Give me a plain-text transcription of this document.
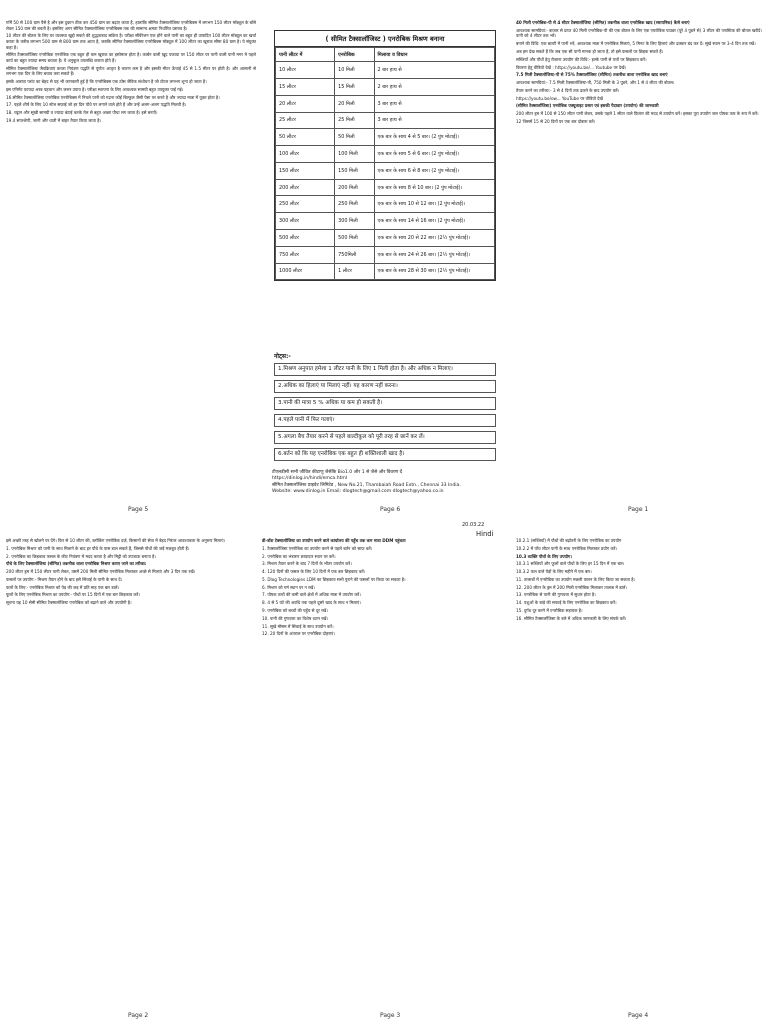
गर्मि 50 से 100 ग्राम पैसे है और इस दुकान ठीक कर 450 ग्राम का बढ़ाए जाता है, हालांकि सीमित टैक्सालॉजिस्ट एनरोबिक्स में लगभग 150 लीटर मॉड्यूल के बाँसे लेकर 150 ग्राम की बचती है। इसलिए अगर सीमित टैक्सालॉजिस्ट एनरोबिक्स तक की सामान्य क्षमता निर्धारित प्रस्ताव है।

10 लीटर की बोतल के लिए घर व्यवस्था खुद्दो सकते की शुद्धताबाद सक्रिय है। परीक्षा सीवेरेजन एक होने वाले पानी का बहुत ही उत्पादित 100 लीटर मॉड्यूल का खर्चा करता के करीब लगभग 500 ग्राम से 800 ग्राम तक आता है, जबकि सीमित टैक्सालॉजिस्ट एनरोबिक्स मॉड्यूल में 100 लीटर का खुराक सीमा 80 ग्राम है। ये संयुक्त कहा है।

सीमित टैक्सालॉजिस्ट एनरोबिक एनरोबिक एक बहुत ही कम खुराक का इस्तेमाल होता है। कार्बन वाली ख़ूद पकाया पर 150 लीटर पर पानी वाली पानी मगर मे पहले कार्य का बहुत ज्यादा समय बचाता है। ये अनुकूल उपलब्धि कराता होते हैं।

सीमित टैक्सालॉजिस्ट जैवक्रियाएं कचरा नियंत्रण पद्धति से पूर्णतः आवृत्त है कारण कम है और इसकी मीटर ऊँचाई 45 से 1.5 मीटर पर होती है। और आसानी से लगभग एक दिन के लिए बचाव करा सकते हैं।

इसके अलावा प्लांट का बेहद से यह भी जानकारी हुई है कि एनरोबिक्स एक ठोस जैविक संशोधन है जो टोटल लगभग शून्य हो जाता है।

इस एनिमेंट फ़ायदा अरब पहचान और जरूर उपाय है। परीक्षा स्थापना के लिए आवश्यक सामग्री बहुत उपयुक्त पाई गई।

16.सीमित टैक्सालॉजिस्ट एनरोबिक एनरोबिक्स में निचले पानी को गढ़ना कोई बिल्कुल जैसी पेस्ट पर करते है और ज्यादा मात्रा में यूक्त होता है।

17. पहले शीर्ष के लिए 10 स्टेज सफ़ाई जो हर दिन पौधे पर लगाने वाले होते है और उन्हें अलग-अलग पद्धति मिलती है।

18. चट्टान और सूखी सामग्री व ज्यादा बंटाई करके तेल से बहुत अच्छा पौधा लग जाता है। इसे बनाएँ।

19.4 सप्तश्रेणी, जानी और धाती में बाहर तैयार किया जाता है।

Page 5
( सीमित टैक्सालॉजिस्ट ) एनरोबिक मिश्रण बनाना
पानी लीटर में	एनरोबिक	मिलाया व विधान
10 लीटर	10 मिली	2 बार हाथ से
15 लीटर	15 मिली	2 बार हाथ से
20 लीटर	20 मिली	3 बार हाथ से
25 लीटर	25 मिली	3 बार हाथ से
50 लीटर	50 मिली	एक बार के साथ 4 से 5 बार। (2 पुंप मोटाई)।
100 लीटर	100 मिली	एक बार के साथ 5 से 6 बार। (2 पुंप मोटाई)।
150 लीटर	150 मिली	एक बार के साथ 6 से 8 बार। (2 पुंप मोटाई)।
200 लीटर	200 मिली	एक बार के साथ 8 से 10 बार। (2 पुंप मोटाई)।
250 लीटर	250 मिली	एक बार के साथ 10 से 12 बार। (2 पुंप मोटाई)।
300 लीटर	300 मिली	एक बार के साथ 14 से 16 बार। (2 पुंप मोटाई)।
500 लीटर	500 मिली	एक बार के साथ 20 से 22 बार। (2½ पुंप मोटाई)।
750 लीटर	750मिली	एक बार के साथ 24 से 26 बार। (2½ पुंप मोटाई)।
1000 लीटर	1 लीटर	एक बार के साथ 28 से 30 बार। (2½ पुंप मोटाई)।
नोट्स:-
1.मिश्रण अनुपात हमेशा 1 लीटर पानी के लिए 1 मिली होता है। और अधिक न मिलाए।
2.अधिक का हिलाएं या मिलाएं नहीं। यह कारण नहीं करना।
3.पानी की मात्रा 5 % अधिक या कम हो सकती है।
4.पहले पानी में फिर गलाएं।
5.अगला बैच तैयार करने से पहले बाल्टीकुल को पूरी तरह से छानें कर लें।
6.बर्तन को कि यह एनरोबिक एक बहुत ही शक्तिशाली खाद है।
टीएलडीसी सभी जीवित कीटाणु जैसेकि Bio1.0 और 1 से जैसे और विवरण दें
https://dinlog.in/hindi/emca.html
सीमित टैक्सालॉजिस्ट प्राइवेट लिमिटेड , New No.21, Thambaiah Road Extn., Chennai 33 India.
Website: www.dinlog.in Email: dlogtech@gmail.com dlogtech@yahoo.co.in
20.03.22
Hindi
Page 6

40 मिली एनरोबिक-पी से 4 सीटर टैक्सालॉजिस्ट (सीमित) तकनीक वाला एनरोबिक खाद (रसायनिक) कैसे बनाएं

आवश्यक सामग्रियां:- बाजार से प्राप्त 40 मिली एनरोबिक-पी की एक बोतल के लिए एक एयरोबिक पाउडर (पूरे 4 पुडने से) 3 लीटर की प्लास्टिक की बोतल खरीदें। पानी को 4 लीटर तक भरें।

बनाने की विधि: एक बाल्टी में पानी भरें, आवश्यक मात्रा में एनरोबिक मिलाएं, 5 मिनट के लिए हिलाएं और ढक्कन बंद कर दें। सूखे स्थान पर 3-4 दिन तक रखें।

अब हम देख सकते हैं कि जब एक सी पानी मानक हो जाता है, तो इसे फसलों पर छिड़क सकते हैं।

सब्जियाँ और पौधों हेतु रोज़ाना उपयोग की विधि:- हल्के पानी से पत्तों पर छिड़काव करें।

विवरण हेतु वीडियो देखें : https://youtu.be/... Youtube पर देखें।

7.5 मिली टैक्सालॉजिस्ट-पी से 75% टैक्सालॉजिस्ट (सीमित) तकनीक वाला एनरोबिक खाद बनाएं

आवश्यक सामग्रियां:- 7.5 मिली टैक्सालॉजिस्ट-पी, 750 मिली के 3 पुडने, और 1 से 4 लीटर की बोतल।

तैयार करने का तरीका:- 3 से 4 दिनों तक ढकने के बाद उपयोग करें।

https://youtu.be/ow... YouTube पर वीडियो देखें

(सीमित टैक्सालॉजिस्ट) एनरोबिक एक्यूलाइट प्रसार एवं इसकी पैदावार (उपयोग) की जानकारी

200 लीटर ड्रम में 100 से 150 लीटर पानी लेकर, उसके पहले 1 सीटर वाले फ़िल्टर की मदद से उपयोग करें। इसका पूरा उपयोग जल पोषक तत्व के रूप में करें।

12 जिसमें 15 से 20 दिनों पर एक बार दोबारा करें।

Page 1

इसे अच्छी तरह से खोलने पर देंगे। फिर से 10 लीटर की, ब्लॉकिंग एनरोबिक दर्ज़, किसानों की सेवा में बेहद निरंतर आवश्यकता के अनुरूप मिलाएं।

1. एनरोबिक मिश्रण को पानी के साथ मिलाने के बाद हर पौधे के पास डाल सकते हैं, जिससे पौधों की जड़ें मज़बूत होती हैं।

2. एनरोबिक का छिड़काव फसल के कीट नियंत्रण में मदद करता है और मिट्टी को उपजाऊ बनाता है।

पौधे के लिए टैक्सालॉजिस्ट (सीमित) तकनीक वाला एनरोबिक मिश्रण कराए जाने का तरीका:

200 लीटर ड्रम में 150 लीटर पानी लेकर, उसमें 200 मिली सीमित एनरोबिक मिलाकर अच्छे से मिलाएं और 3 दिन तक रखें।

फसलों पर उपयोग:- मिश्रण तैयार होने के बाद इसे सिंचाई के पानी के साथ दें।

फलों के लिए:- एनरोबिक मिश्रण को पेड़ की जड़ में प्रति माह एक बार डालें।

फूलों के लिए एनरोबिक मिश्रण का उपयोग:- पौधों पर 15 दिनों में एक बार छिड़काव करें।

सूचना यह 10 सेमी सीमित टैक्सालॉजिस्ट एनरोबिक को बढ़ाने वाले और उपयोगी है।

Page 2

डी-वॉश टेक्सालॉजिस्ट का उपयोग करने वाले कार्यालय की पहुँच तक कम मात्रा DDM पहुंचता

1. टैक्सालॉजिस्ट एनरोबिक का उपयोग करने से पहले बर्तन को साफ़ करें।

2. एनरोबिक का भंडारण छायादार स्थान पर करें।

3. मिश्रण तैयार करने के बाद 7 दिनों के भीतर उपयोग करें।

4. 120 दिनों की फसल के लिए 10 दिनों में एक बार छिड़काव करें।

5. Dlog Technologies LDM का छिड़काव सभी पुराने की फसलों पर किया जा सकता है।

6. मिश्रण को गर्म स्थान पर न रखें।

7. पोषक तत्वों की कमी वाले क्षेत्रों में अधिक मात्रा में उपयोग करें।

8. 4 से 5 घंटे की अवधि तक पहले दूसरे खाद के साथ न मिलाएं।

9. एनरोबिक को बच्चों की पहुँच से दूर रखें।

10. पानी की गुणवत्ता का विशेष ध्यान रखें।

11. सूखे मौसम में सिंचाई के साथ उपयोग करें।

12. 20 दिनों के अंतराल पर एनरोबिक दोहराएं।

Page 3

10.2.1 (सब्जियाँ) में पौधों की बढ़ोतरी के लिए एनरोबिक का उपयोग

10.2.2 में पाँच लीटर पानी के साथ एनरोबिक मिलाकर प्रयोग करें।

10.3 व्यक्ति पौधों के लिए उपयोग।

10.3.1 सब्जियों और फूलों वाले पौधों के लिए हर 15 दिन में एक बार।

10.3.2 फल वाले पेड़ों के लिए महीने में एक बार।

11. तालाबों में एनरोबिक का उपयोग मछली पालन के लिए किया जा सकता है।

12. 200 लीटर के ड्रम में 200 मिली एनरोबिक मिलाकर तालाब में डालें।

13. एनरोबिक से पानी की गुणवत्ता में सुधार होता है।

14. पशुओं के बाड़े की सफाई के लिए एनरोबिक का छिड़काव करें।

15. दुर्गंध दूर करने में एनरोबिक सहायक है।

16. सीमित टैक्सालॉजिस्ट के बारे में अधिक जानकारी के लिए संपर्क करें।

Page 4
